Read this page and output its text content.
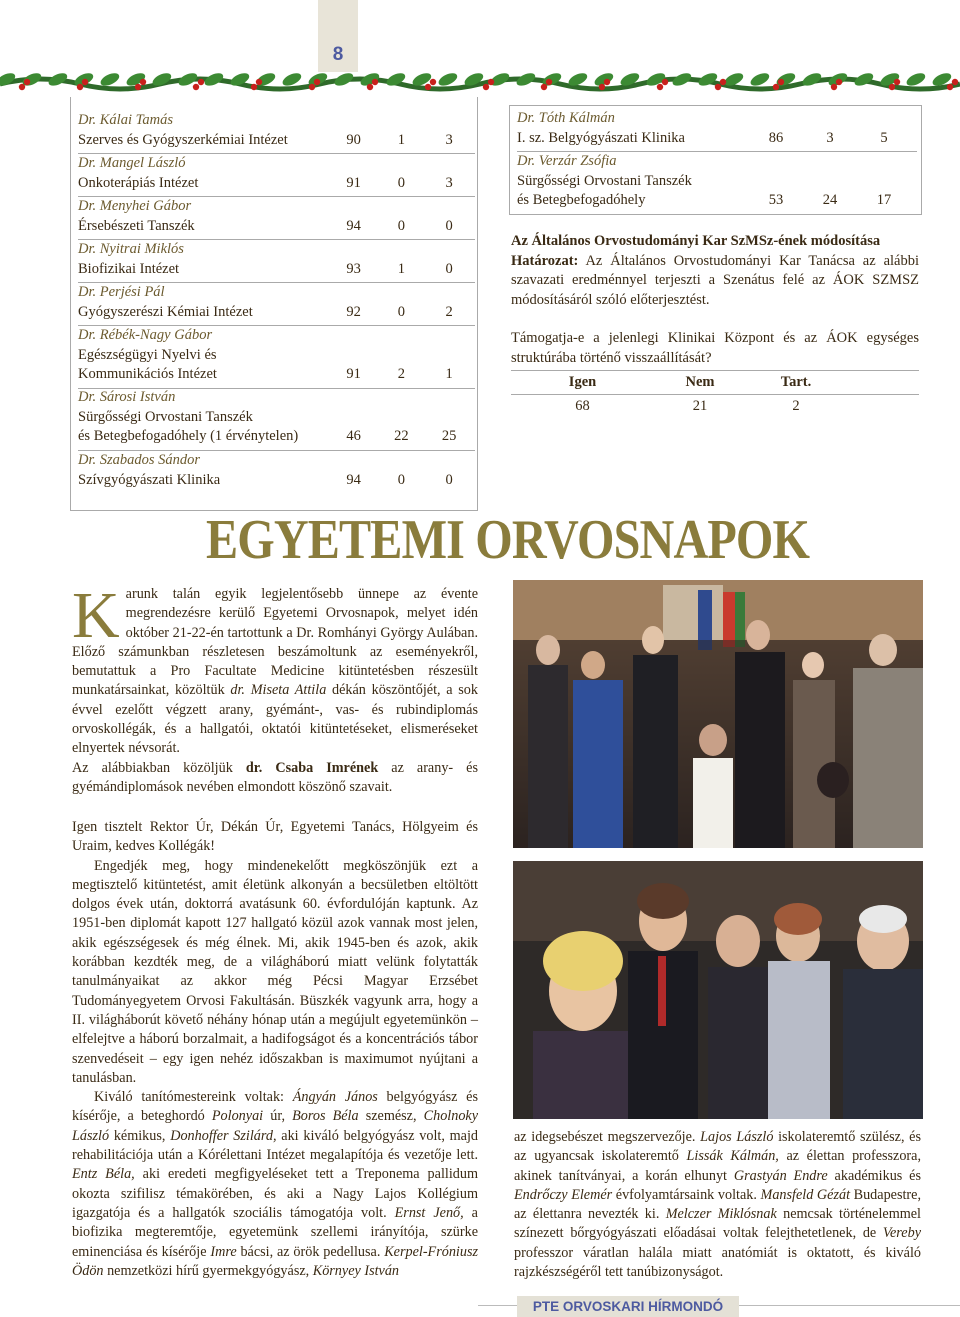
8
Dr. Kálai Tamás
Szerves és Gyógyszerkémiai Intézet	90	1	3
Dr. Mangel László
Onkoterápiás Intézet	91	0	3
Dr. Menyhei Gábor
Érsebészeti Tanszék	94	0	0
Dr. Nyitrai Miklós
Biofizikai Intézet	93	1	0
Dr. Perjési Pál
Gyógyszerészi Kémiai Intézet	92	0	2
Dr. Rébék-Nagy Gábor
Egészségügyi Nyelvi és
Kommunikációs Intézet	91	2	1
Dr. Sárosi István
Sürgősségi Orvostani Tanszék
és Betegbefogadóhely (1 érvénytelen)	46	22	25
Dr. Szabados Sándor
Szívgyógyászati Klinika	94	0	0
Dr. Tóth Kálmán
I. sz. Belgyógyászati Klinika	86	3	5
Dr. Verzár Zsófia
Sürgősségi Orvostani Tanszék
és Betegbefogadóhely	53	24	17
Az Általános Orvostudományi Kar SzMSz-ének módosítása
Határozat: Az Általános Orvostudományi Kar Tanácsa az alábbi szavazati eredménnyel terjeszti a Szenátus felé az ÁOK SZMSZ módosításáról szóló előterjesztést.
Támogatja-e a jelenlegi Klinikai Központ és az ÁOK egységes struktúrába történő visszaállítását?
Igen	Nem	Tart.
68	21	2
EGYETEMI ORVOSNAPOK

Karunk talán egyik legjelentősebb ünnepe az évente megrendezésre kerülő Egyetemi Orvosnapok, melyet idén október 21-22-én tartottunk a Dr. Romhányi György Aulában. Előző számunkban részletesen beszámoltunk az eseményekről, bemutattuk a Pro Facultate Medicine kitüntetésben részesült munkatársainkat, közöltük dr. Miseta Attila dékán köszöntőjét, a sok évvel ezelőtt végzett arany, gyémánt-, vas- és rubindiplomás orvoskollégák, és a hallgatói, oktatói kitüntetéseket, elismeréseket elnyertek névsorát.

Az alábbiakban közöljük dr. Csaba Imrének az arany- és gyémándiplomások nevében elmondott köszönő szavait.

Igen tisztelt Rektor Úr, Dékán Úr, Egyetemi Tanács, Hölgyeim és Uraim, kedves Kollégák!

Engedjék meg, hogy mindenekelőtt megköszönjük ezt a megtisztelő kitüntetést, amit életünk alkonyán a becsületben eltöltött dolgos évek után, doktorrá avatásunk 60. évfordulóján kaptunk. Az 1951-ben diplomát kapott 127 hallgató közül azok vannak most jelen, akik egészségesek és még élnek. Mi, akik 1945-ben és azok, akik korábban kezdték meg, de a világháború miatt velünk folytatták tanulmányaikat az akkor még Pécsi Magyar Erzsébet Tudományegyetem Orvosi Fakultásán. Büszkék vagyunk arra, hogy a II. világháborút követő néhány hónap után a megújult egyetemünkön – elfelejtve a háború borzalmait, a hadifogságot és a koncentrációs tábor szenvedéseit – egy igen nehéz időszakban is maximumot nyújtani a tanulásban.

Kiváló tanítómestereink voltak: Ángyán János belgyógyász és kísérője, a beteghordó Polonyai úr, Boros Béla szemész, Cholnoky László kémikus, Donhoffer Szilárd, aki kiváló belgyógyász volt, majd rehabilitációja után a Kórélettani Intézet megalapítója és vezetője lett. Entz Béla, aki eredeti megfigyeléseket tett a Treponema pallidum okozta szifilisz témakörében, és aki a Nagy Lajos Kollégium igazgatója és a hallgatók szociális támogatója volt. Ernst Jenő, a biofizika megteremtője, egyetemünk szellemi irányítója, szürke eminenciása és kísérője Imre bácsi, az örök pedellusa. Kerpel-Fróniusz Ödön nemzetközi hírű gyermekgyógyász, Környey István

az idegsebészet megszervezője. Lajos László iskolateremtő szülész, és az ugyancsak iskolateremtő Lissák Kálmán, az élettan professzora, akinek tanítványai, a korán elhunyt Grastyán Endre akadémikus és Endrőczy Elemér évfolyamtársaink voltak. Mansfeld Gézát Budapestre, az élettanra nevezték ki. Melczer Miklósnak nemcsak történelemmel színezett bőrgyógyászati előadásai voltak felejthetetlenek, de Vereby professzor váratlan halála miatt anatómiát is oktatott, és kiváló rajzkészségéről tett tanúbizonyságot.

PTE ORVOSKARI HÍRMONDÓ
